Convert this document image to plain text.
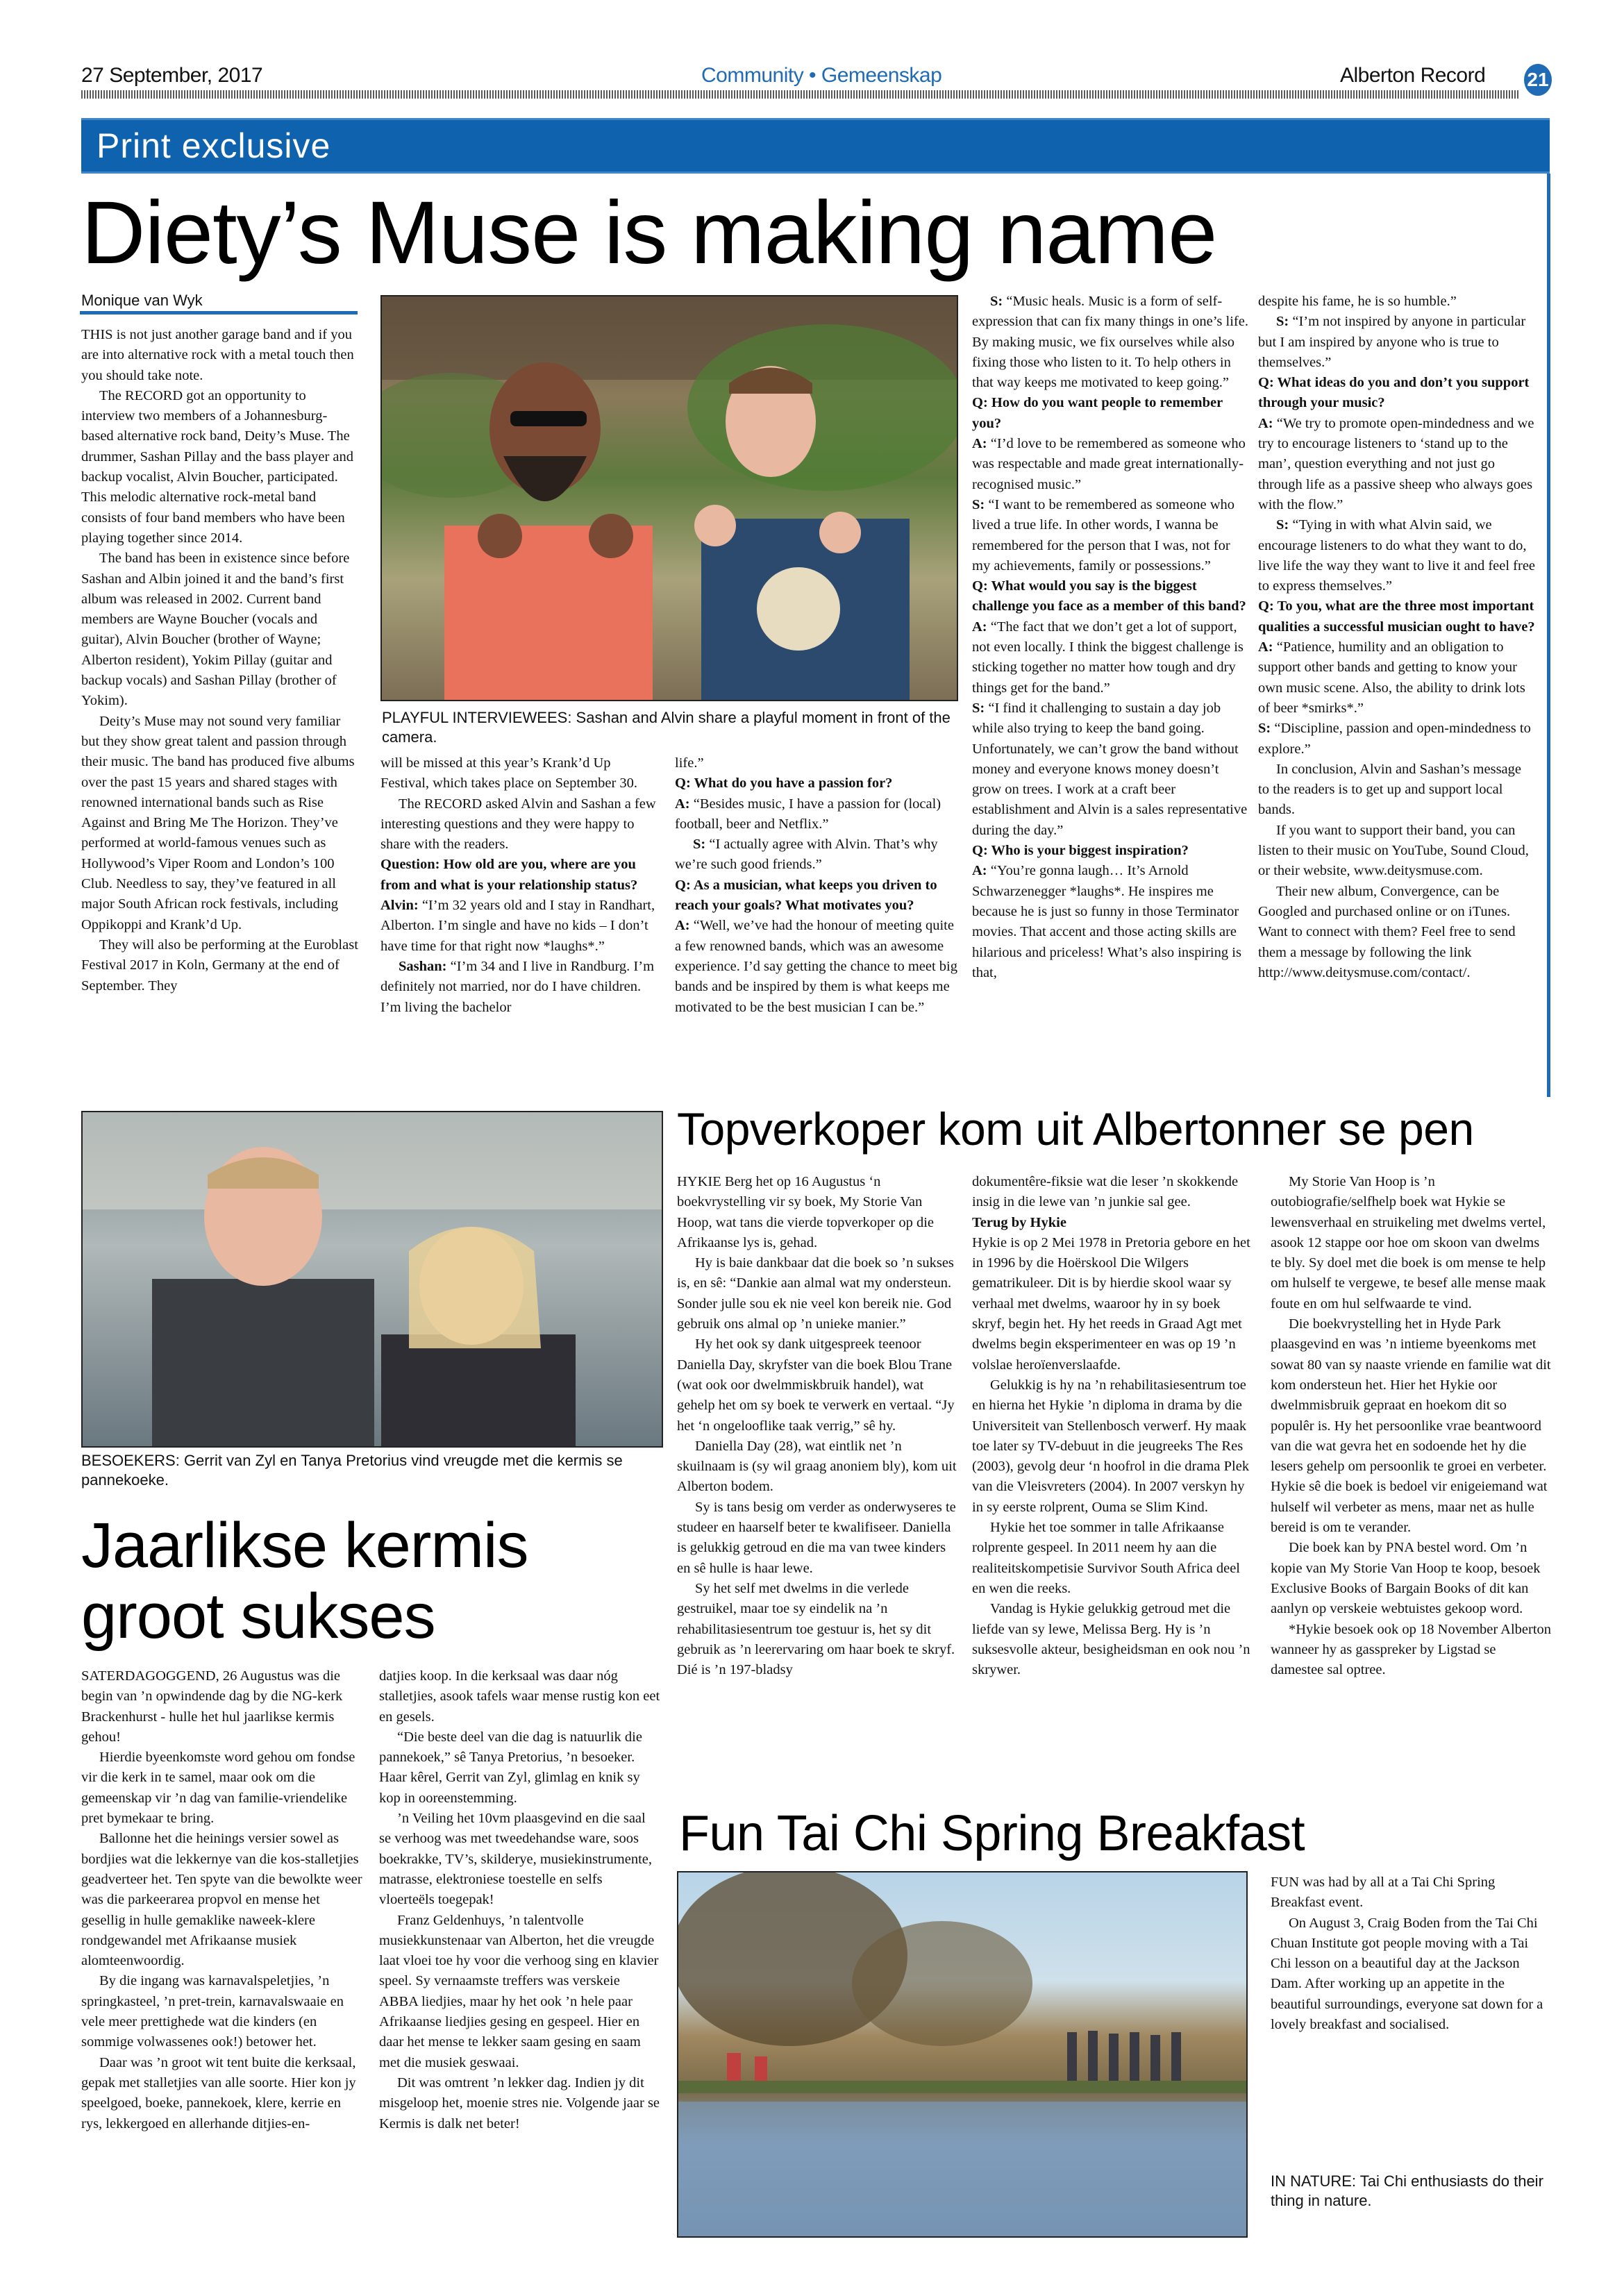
27 September, 2017	Community • Gemeenskap	Alberton Record 21
Print exclusive
Diety’s Muse is making name
Monique van Wyk

THIS is not just another garage band and if you are into alternative rock with a metal touch then you should take note.

The RECORD got an opportunity to interview two members of a Johannesburg-based alternative rock band, Deity’s Muse. The drummer, Sashan Pillay and the bass player and backup vocalist, Alvin Boucher, participated. This melodic alternative rock-metal band consists of four band members who have been playing together since 2014.

The band has been in existence since before Sashan and Albin joined it and the band’s first album was released in 2002. Current band members are Wayne Boucher (vocals and guitar), Alvin Boucher (brother of Wayne; Alberton resident), Yokim Pillay (guitar and backup vocals) and Sashan Pillay (brother of Yokim).

Deity’s Muse may not sound very familiar but they show great talent and passion through their music. The band has produced five albums over the past 15 years and shared stages with renowned international bands such as Rise Against and Bring Me The Horizon. They’ve performed at world-famous venues such as Hollywood’s Viper Room and London’s 100 Club. Needless to say, they’ve featured in all major South African rock festivals, including Oppikoppi and Krank’d Up.

They will also be performing at the Euroblast Festival 2017 in Koln, Germany at the end of September. They

PLAYFUL INTERVIEWEES: Sashan and Alvin share a playful moment in front of the camera.

will be missed at this year’s Krank’d Up Festival, which takes place on September 30.

The RECORD asked Alvin and Sashan a few interesting questions and they were happy to share with the readers.

Question: How old are you, where are you from and what is your relationship status?

Alvin: “I’m 32 years old and I stay in Randhart, Alberton. I’m single and have no kids – I don’t have time for that right now *laughs*.”

Sashan: “I’m 34 and I live in Randburg. I’m definitely not married, nor do I have children. I’m living the bachelor

life.”

Q: What do you have a passion for?

A: “Besides music, I have a passion for (local) football, beer and Netflix.”

S: “I actually agree with Alvin. That’s why we’re such good friends.”

Q: As a musician, what keeps you driven to reach your goals? What motivates you?

A: “Well, we’ve had the honour of meeting quite a few renowned bands, which was an awesome experience. I’d say getting the chance to meet big bands and be inspired by them is what keeps me motivated to be the best musician I can be.”

S: “Music heals. Music is a form of self-expression that can fix many things in one’s life. By making music, we fix ourselves while also fixing those who listen to it. To help others in that way keeps me motivated to keep going.”

Q: How do you want people to remember you?

A: “I’d love to be remembered as someone who was respectable and made great internationally-recognised music.”

S: “I want to be remembered as someone who lived a true life. In other words, I wanna be remembered for the person that I was, not for my achievements, family or possessions.”

Q: What would you say is the biggest challenge you face as a member of this band?

A: “The fact that we don’t get a lot of support, not even locally. I think the biggest challenge is sticking together no matter how tough and dry things get for the band.”

S: “I find it challenging to sustain a day job while also trying to keep the band going. Unfortunately, we can’t grow the band without money and everyone knows money doesn’t grow on trees. I work at a craft beer establishment and Alvin is a sales representative during the day.”

Q: Who is your biggest inspiration?

A: “You’re gonna laugh… It’s Arnold Schwarzenegger *laughs*. He inspires me because he is just so funny in those Terminator movies. That accent and those acting skills are hilarious and priceless! What’s also inspiring is that,

despite his fame, he is so humble.”

S: “I’m not inspired by anyone in particular but I am inspired by anyone who is true to themselves.”

Q: What ideas do you and don’t you support through your music?

A: “We try to promote open-mindedness and we try to encourage listeners to ‘stand up to the man’, question everything and not just go through life as a passive sheep who always goes with the flow.”

S: “Tying in with what Alvin said, we encourage listeners to do what they want to do, live life the way they want to live it and feel free to express themselves.”

Q: To you, what are the three most important qualities a successful musician ought to have?

A: “Patience, humility and an obligation to support other bands and getting to know your own music scene. Also, the ability to drink lots of beer *smirks*.”

S: “Discipline, passion and open-mindedness to explore.”

In conclusion, Alvin and Sashan’s message to the readers is to get up and support local bands.

If you want to support their band, you can listen to their music on YouTube, Sound Cloud, or their website, www.deitysmuse.com.

Their new album, Convergence, can be Googled and purchased online or on iTunes. Want to connect with them? Feel free to send them a message by following the link http://www.deitysmuse.com/contact/.

BESOEKERS: Gerrit van Zyl en Tanya Pretorius vind vreugde met die kermis se pannekoeke.
Jaarlikse kermis
groot sukses

SATERDAGOGGEND, 26 Augustus was die begin van ’n opwindende dag by die NG-kerk Brackenhurst - hulle het hul jaarlikse kermis gehou!

Hierdie byeenkomste word gehou om fondse vir die kerk in te samel, maar ook om die gemeenskap vir ’n dag van familie-vriendelike pret bymekaar te bring.

Ballonne het die heinings versier sowel as bordjies wat die lekkernye van die kos-stalletjies geadverteer het. Ten spyte van die bewolkte weer was die parkeerarea propvol en mense het gesellig in hulle gemaklike naweek-klere rondgewandel met Afrikaanse musiek alomteenwoordig.

By die ingang was karnavalspeletjies, ’n springkasteel, ’n pret-trein, karnavalswaaie en vele meer prettighede wat die kinders (en sommige volwassenes ook!) betower het.

Daar was ’n groot wit tent buite die kerksaal, gepak met stalletjies van alle soorte. Hier kon jy speelgoed, boeke, pannekoek, klere, kerrie en rys, lekkergoed en allerhande ditjies-en-

datjies koop. In die kerksaal was daar nóg stalletjies, asook tafels waar mense rustig kon eet en gesels.

“Die beste deel van die dag is natuurlik die pannekoek,” sê Tanya Pretorius, ’n besoeker. Haar kêrel, Gerrit van Zyl, glimlag en knik sy kop in ooreenstemming.

’n Veiling het 10vm plaasgevind en die saal se verhoog was met tweedehandse ware, soos boekrakke, TV’s, skilderye, musiekinstrumente, matrasse, elektroniese toestelle en selfs vloerteëls toegepak!

Franz Geldenhuys, ’n talentvolle musiekkunstenaar van Alberton, het die vreugde laat vloei toe hy voor die verhoog sing en klavier speel. Sy vernaamste treffers was verskeie ABBA liedjies, maar hy het ook ’n hele paar Afrikaanse liedjies gesing en gespeel. Hier en daar het mense te lekker saam gesing en saam met die musiek geswaai.

Dit was omtrent ’n lekker dag. Indien jy dit misgeloop het, moenie stres nie. Volgende jaar se Kermis is dalk net beter!

Topverkoper kom uit Albertonner se pen

HYKIE Berg het op 16 Augustus ‘n boekvrystelling vir sy boek, My Storie Van Hoop, wat tans die vierde topverkoper op die Afrikaanse lys is, gehad.

Hy is baie dankbaar dat die boek so ’n sukses is, en sê: “Dankie aan almal wat my ondersteun. Sonder julle sou ek nie veel kon bereik nie. God gebruik ons almal op ’n unieke manier.”

Hy het ook sy dank uitgespreek teenoor Daniella Day, skryfster van die boek Blou Trane (wat ook oor dwelmmiskbruik handel), wat gehelp het om sy boek te verwerk en vertaal. “Jy het ‘n ongelooflike taak verrig,” sê hy.

Daniella Day (28), wat eintlik net ’n skuilnaam is (sy wil graag anoniem bly), kom uit Alberton bodem.

Sy is tans besig om verder as onderwyseres te studeer en haarself beter te kwalifiseer. Daniella is gelukkig getroud en die ma van twee kinders en sê hulle is haar lewe.

Sy het self met dwelms in die verlede gestruikel, maar toe sy eindelik na ’n rehabilitasiesentrum toe gestuur is, het sy dit gebruik as ’n leerervaring om haar boek te skryf. Dié is ’n 197-bladsy

dokumentêre-fiksie wat die leser ’n skokkende insig in die lewe van ’n junkie sal gee.

Terug by Hykie

Hykie is op 2 Mei 1978 in Pretoria gebore en het in 1996 by die Hoërskool Die Wilgers gematrikuleer. Dit is by hierdie skool waar sy verhaal met dwelms, waaroor hy in sy boek skryf, begin het. Hy het reeds in Graad Agt met dwelms begin eksperimenteer en was op 19 ’n volslae heroïenverslaafde.

Gelukkig is hy na ’n rehabilitasiesentrum toe en hierna het Hykie ’n diploma in drama by die Universiteit van Stellenbosch verwerf. Hy maak toe later sy TV-debuut in die jeugreeks The Res (2003), gevolg deur ‘n hoofrol in die drama Plek van die Vleisvreters (2004). In 2007 verskyn hy in sy eerste rolprent, Ouma se Slim Kind.

Hykie het toe sommer in talle Afrikaanse rolprente gespeel. In 2011 neem hy aan die realiteitskompetisie Survivor South Africa deel en wen die reeks.

Vandag is Hykie gelukkig getroud met die liefde van sy lewe, Melissa Berg. Hy is ’n suksesvolle akteur, besigheidsman en ook nou ’n skrywer.

My Storie Van Hoop is ’n outobiografie/selfhelp boek wat Hykie se lewensverhaal en struikeling met dwelms vertel, asook 12 stappe oor hoe om skoon van dwelms te bly. Sy doel met die boek is om mense te help om hulself te vergewe, te besef alle mense maak foute en om hul selfwaarde te vind.

Die boekvrystelling het in Hyde Park plaasgevind en was ’n intieme byeenkoms met sowat 80 van sy naaste vriende en familie wat dit kom ondersteun het. Hier het Hykie oor dwelmmisbruik gepraat en hoekom dit so populêr is. Hy het persoonlike vrae beantwoord van die wat gevra het en sodoende het hy die lesers gehelp om persoonlik te groei en verbeter. Hykie sê die boek is bedoel vir enigeiemand wat hulself wil verbeter as mens, maar net as hulle bereid is om te verander.

Die boek kan by PNA bestel word. Om ’n kopie van My Storie Van Hoop te koop, besoek Exclusive Books of Bargain Books of dit kan aanlyn op verskeie webtuistes gekoop word.

*Hykie besoek ook op 18 November Alberton wanneer hy as gasspreker by Ligstad se damestee sal optree.

Fun Tai Chi Spring Breakfast

FUN was had by all at a Tai Chi Spring Breakfast event.

On August 3, Craig Boden from the Tai Chi Chuan Institute got people moving with a Tai Chi lesson on a beautiful day at the Jackson Dam. After working up an appetite in the beautiful surroundings, everyone sat down for a lovely breakfast and socialised.

IN NATURE: Tai Chi enthusiasts do their thing in nature.
